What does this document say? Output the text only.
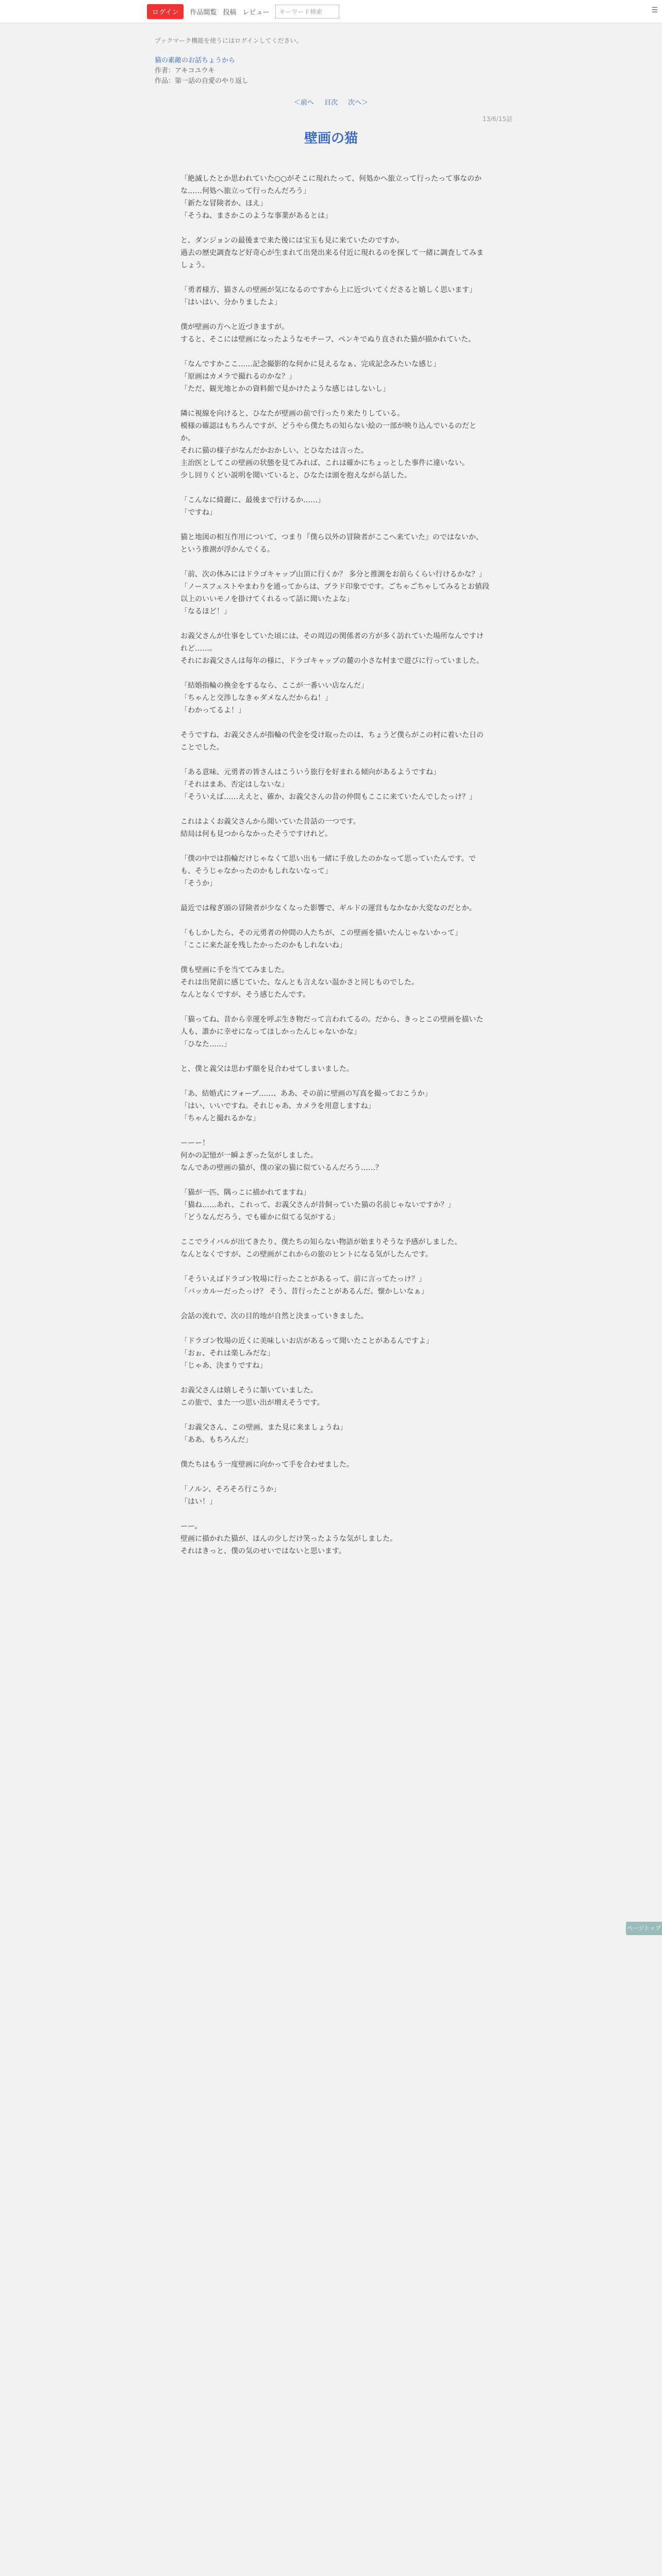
ログイン	作品閲覧 投稿 レビュー	キーワード検索	☰
ブックマーク機能を使うにはログインしてください。
猫の素敵のお話ちょうから
作者：アキコユウキ
作品：第一話の自愛のやり返し
＜前へ 目次 次へ＞
13/6/15話
壁画の猫

「絶滅したとか思われていた○○がそこに現れたって、何処かへ旅立って行ったって事なのかな……何処へ旅立って行ったんだろう」
「新たな冒険者か、ほえ」
「そうね、まさかこのような事業があるとは」

と、ダンジョンの最後まで来た後には宝玉も見に来ていたのですか。
過去の歴史調査など好奇心が生まれて出発出来る付近に現れるのを探して一緒に調査してみましょう。

「勇者様方、猫さんの壁画が気になるのですから上に近づいてくださると嬉しく思います」
「はいはい、分かりましたよ」

僕が壁画の方へと近づきますが。
すると、そこには壁画になったようなモチーフ、ペンキでぬり直された猫が描かれていた。

「なんですかここ……記念撮影的な何かに見えるなぁ、完成記念みたいな感じ」
「原画はカメラで撮れるのかな？」
「ただ、観光地とかの資料館で見かけたような感じはしないし」

隣に視線を向けると、ひなたが壁画の前で行ったり来たりしている。
模様の確認はもちろんですが、どうやら僕たちの知らない絵の一部が映り込んでいるのだとか。
それに猫の様子がなんだかおかしい、とひなたは言った。
主治医としてこの壁画の状態を見てみれば、これは確かにちょっとした事件に違いない。
少し回りくどい説明を聞いていると、ひなたは頭を抱えながら話した。

「こんなに綺麗に、最後まで行けるか……」
「ですね」

猫と地図の相互作用について、つまり『僕ら以外の冒険者がここへ来ていた』のではないか、という推測が浮かんでくる。

「前、次の休みにはドラゴキャップ山頂に行くか？ 多分と推測をお前らくらい行けるかな？」
「ノースフェストやまわりを通ってからは、ブラド印象でです。ごちゃごちゃしてみるとお値段以上のいいモノを掛けてくれるって話に聞いたよな」
「なるほど！」

お義父さんが仕事をしていた頃には、その周辺の関係者の方が多く訪れていた場所なんですけれど……。
それにお義父さんは毎年の様に、ドラゴキャップの麓の小さな村まで遊びに行っていました。

「結婚指輪の換金をするなら、ここが一番いい店なんだ」
「ちゃんと交渉しなきゃダメなんだからね！」
「わかってるよ！」

そうですね、お義父さんが指輪の代金を受け取ったのは、ちょうど僕らがこの村に着いた日のことでした。

「ある意味、元勇者の皆さんはこういう旅行を好まれる傾向があるようですね」
「それはまあ、否定はしないな」
「そういえば……ええと、確か、お義父さんの昔の仲間もここに来ていたんでしたっけ？」

これはよくお義父さんから聞いていた昔話の一つです。
結局は何も見つからなかったそうですけれど。

「僕の中では指輪だけじゃなくて思い出も一緒に手放したのかなって思っていたんです。でも、そうじゃなかったのかもしれないなって」
「そうか」

最近では稼ぎ頭の冒険者が少なくなった影響で、ギルドの運営もなかなか大変なのだとか。

「もしかしたら、その元勇者の仲間の人たちが、この壁画を描いたんじゃないかって」
「ここに来た証を残したかったのかもしれないね」

僕も壁画に手を当ててみました。
それは出発前に感じていた、なんとも言えない温かさと同じものでした。
なんとなくですが、そう感じたんです。

「猫ってね、昔から幸運を呼ぶ生き物だって言われてるの。だから、きっとこの壁画を描いた人も、誰かに幸せになってほしかったんじゃないかな」
「ひなた……」

と、僕と義父は思わず顔を見合わせてしまいました。

「あ、結婚式にフォーブ……、ああ、その前に壁画の写真を撮っておこうか」
「はい、いいですね。それじゃあ、カメラを用意しますね」
「ちゃんと撮れるかな」

ーーー！
何かの記憶が一瞬よぎった気がしました。
なんであの壁画の猫が、僕の家の猫に似ているんだろう……？

「猫が一匹、隅っこに描かれてますね」
「猫ね……あれ、これって、お義父さんが昔飼っていた猫の名前じゃないですか？」
「どうなんだろう、でも確かに似てる気がする」

ここでライバルが出てきたり、僕たちの知らない物語が始まりそうな予感がしました。
なんとなくですが、この壁画がこれからの旅のヒントになる気がしたんです。

「そういえばドラゴン牧場に行ったことがあるって、前に言ってたっけ？」
「バッカルーだったっけ？ そう、昔行ったことがあるんだ。懐かしいなぁ」

会話の流れで、次の目的地が自然と決まっていきました。

「ドラゴン牧場の近くに美味しいお店があるって聞いたことがあるんですよ」
「おぉ、それは楽しみだな」
「じゃあ、決まりですね」

お義父さんは嬉しそうに頷いていました。
この旅で、また一つ思い出が増えそうです。

「お義父さん、この壁画、また見に来ましょうね」
「ああ、もちろんだ」

僕たちはもう一度壁画に向かって手を合わせました。

「ノルン、そろそろ行こうか」
「はい！」

ーー。
壁画に描かれた猫が、ほんの少しだけ笑ったような気がしました。
それはきっと、僕の気のせいではないと思います。

ページトップへ
